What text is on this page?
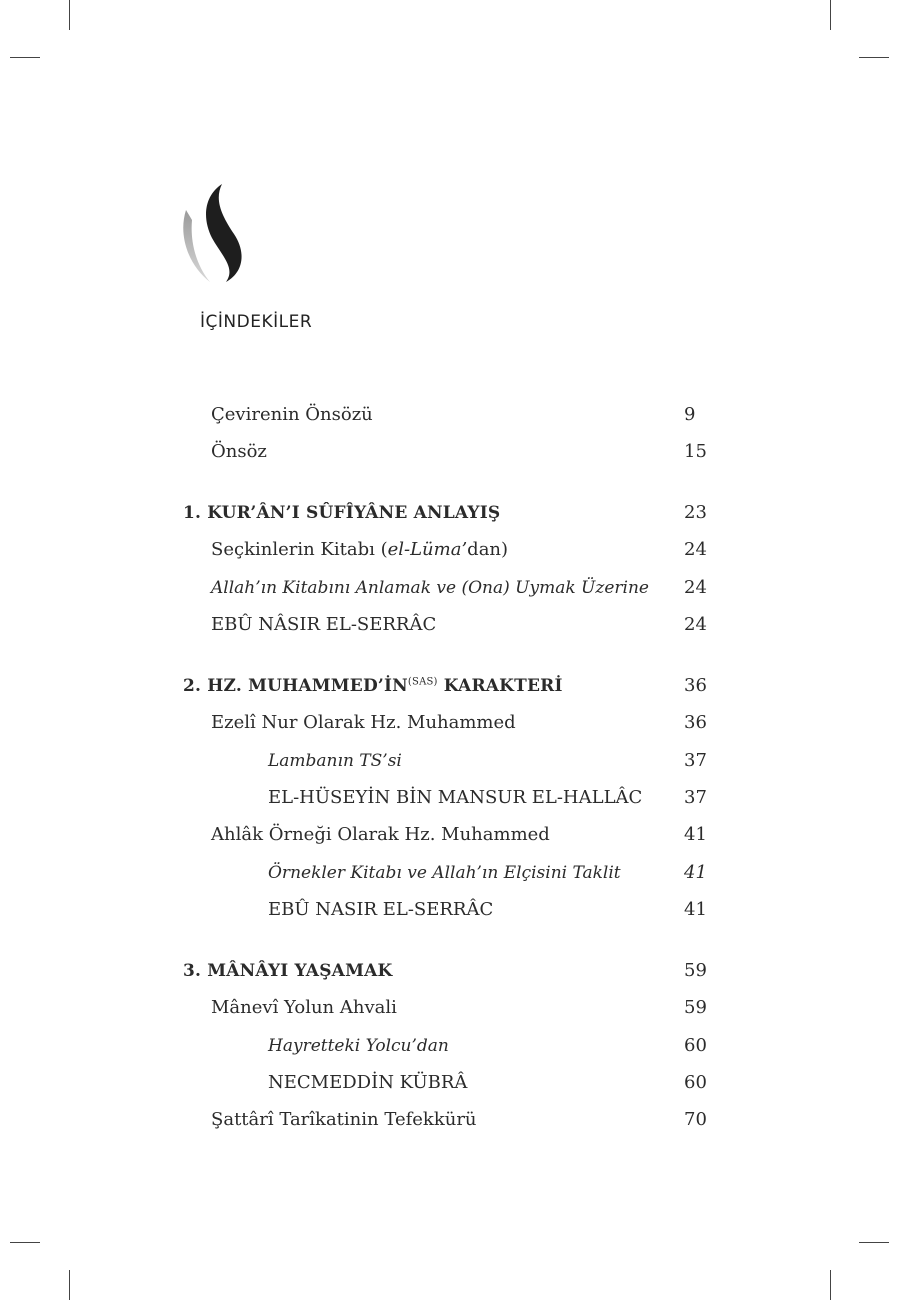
İÇİNDEKİLER
Çevirenin Önsözü	9
Önsöz	15
1. KUR’ÂN’I SÛFÎYÂNE ANLAYIŞ	23
Seçkinlerin Kitabı (el-Lüma’dan)	24
Allah’ın Kitabını Anlamak ve (Ona) Uymak Üzerine 24
EBÛ NÂSIR EL-SERRÂC	24
2. HZ. $MUHAMMED’İN^{(SAS)}$ KARAKTERİ	36
Ezelî Nur Olarak Hz. Muhammed	36
Lambanın TS’si	37
EL-HÜSEYİN BİN MANSUR EL-HALLÂC 37
Ahlâk Örneği Olarak Hz. Muhammed	41
Örnekler Kitabı ve Allah’ın Elçisini Taklit	41
EBÛ NASIR EL-SERRÂC	41
3. MÂNÂYI YAŞAMAK	59
Mânevî Yolun Ahvali	59
Hayretteki Yolcu’dan	60
NECMEDDİN KÜBRÂ	60
Şattârî Tarîkatinin Tefekkürü	70
